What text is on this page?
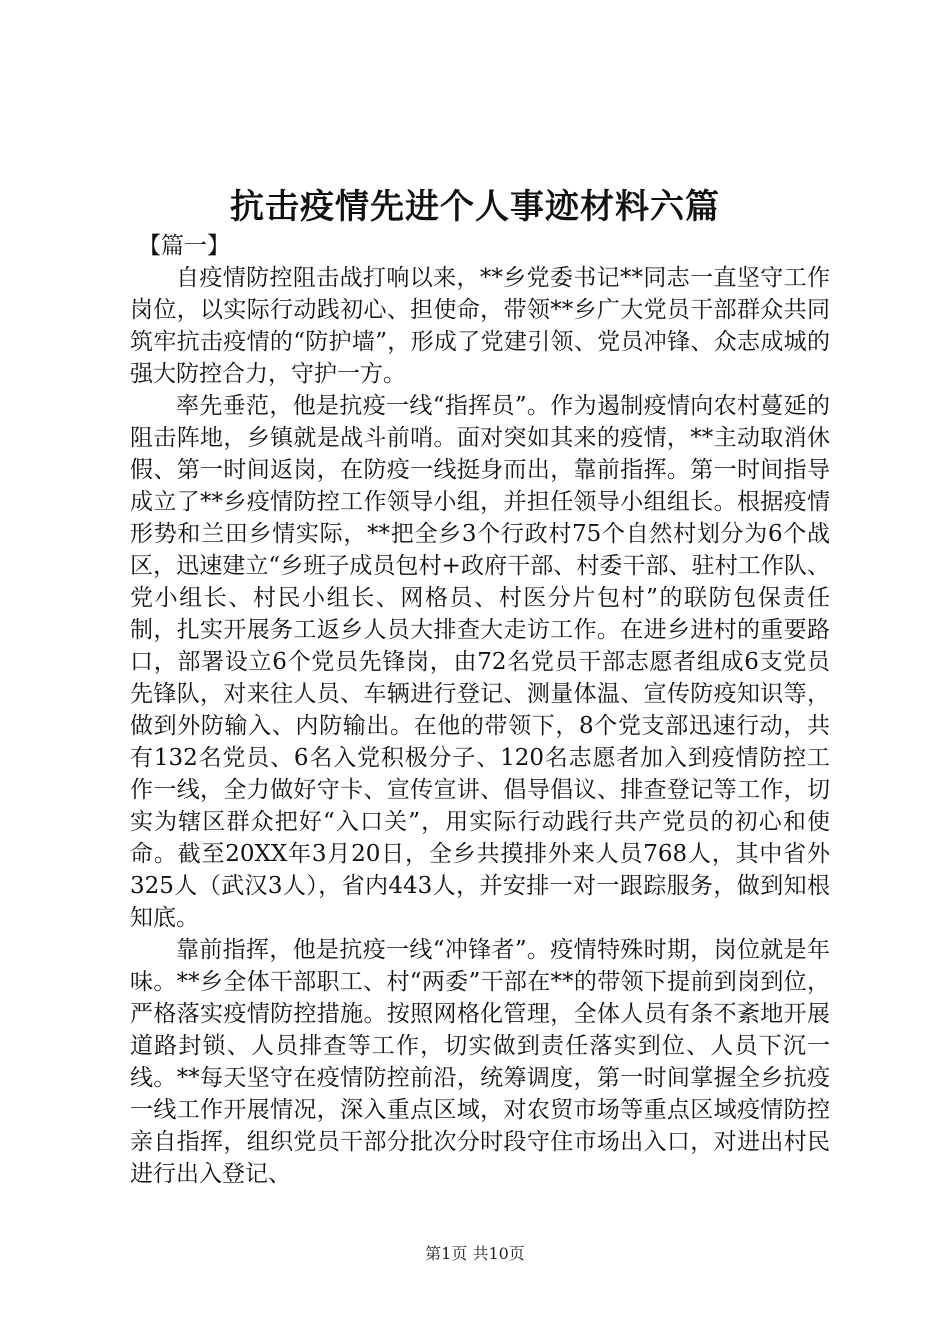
抗击疫情先进个人事迹材料六篇

【篇一】

自疫情防控阻击战打响以来，**乡党委书记**同志一直坚守工作岗位，以实际行动践初心、担使命，带领**乡广大党员干部群众共同筑牢抗击疫情的“防护墙”，形成了党建引领、党员冲锋、众志成城的强大防控合力，守护一方。

率先垂范，他是抗疫一线“指挥员”。作为遏制疫情向农村蔓延的阻击阵地，乡镇就是战斗前哨。面对突如其来的疫情，**主动取消休假、第一时间返岗，在防疫一线挺身而出，靠前指挥。第一时间指导成立了**乡疫情防控工作领导小组，并担任领导小组组长。根据疫情形势和兰田乡情实际，**把全乡3个行政村75个自然村划分为6个战区，迅速建立“乡班子成员包村+政府干部、村委干部、驻村工作队、党小组长、村民小组长、网格员、村医分片包村”的联防包保责任制，扎实开展务工返乡人员大排查大走访工作。在进乡进村的重要路口，部署设立6个党员先锋岗，由72名党员干部志愿者组成6支党员先锋队，对来往人员、车辆进行登记、测量体温、宣传防疫知识等，做到外防输入、内防输出。在他的带领下，8个党支部迅速行动，共有132名党员、6名入党积极分子、120名志愿者加入到疫情防控工作一线，全力做好守卡、宣传宣讲、倡导倡议、排查登记等工作，切实为辖区群众把好“入口关”，用实际行动践行共产党员的初心和使命。截至20XX年3月20日，全乡共摸排外来人员768人，其中省外325人（武汉3人），省内443人，并安排一对一跟踪服务，做到知根知底。

靠前指挥，他是抗疫一线“冲锋者”。疫情特殊时期，岗位就是年味。**乡全体干部职工、村“两委”干部在**的带领下提前到岗到位，严格落实疫情防控措施。按照网格化管理，全体人员有条不紊地开展道路封锁、人员排查等工作，切实做到责任落实到位、人员下沉一线。**每天坚守在疫情防控前沿，统筹调度，第一时间掌握全乡抗疫一线工作开展情况，深入重点区域，对农贸市场等重点区域疫情防控亲自指挥，组织党员干部分批次分时段守住市场出入口，对进出村民进行出入登记、

第1页 共10页
